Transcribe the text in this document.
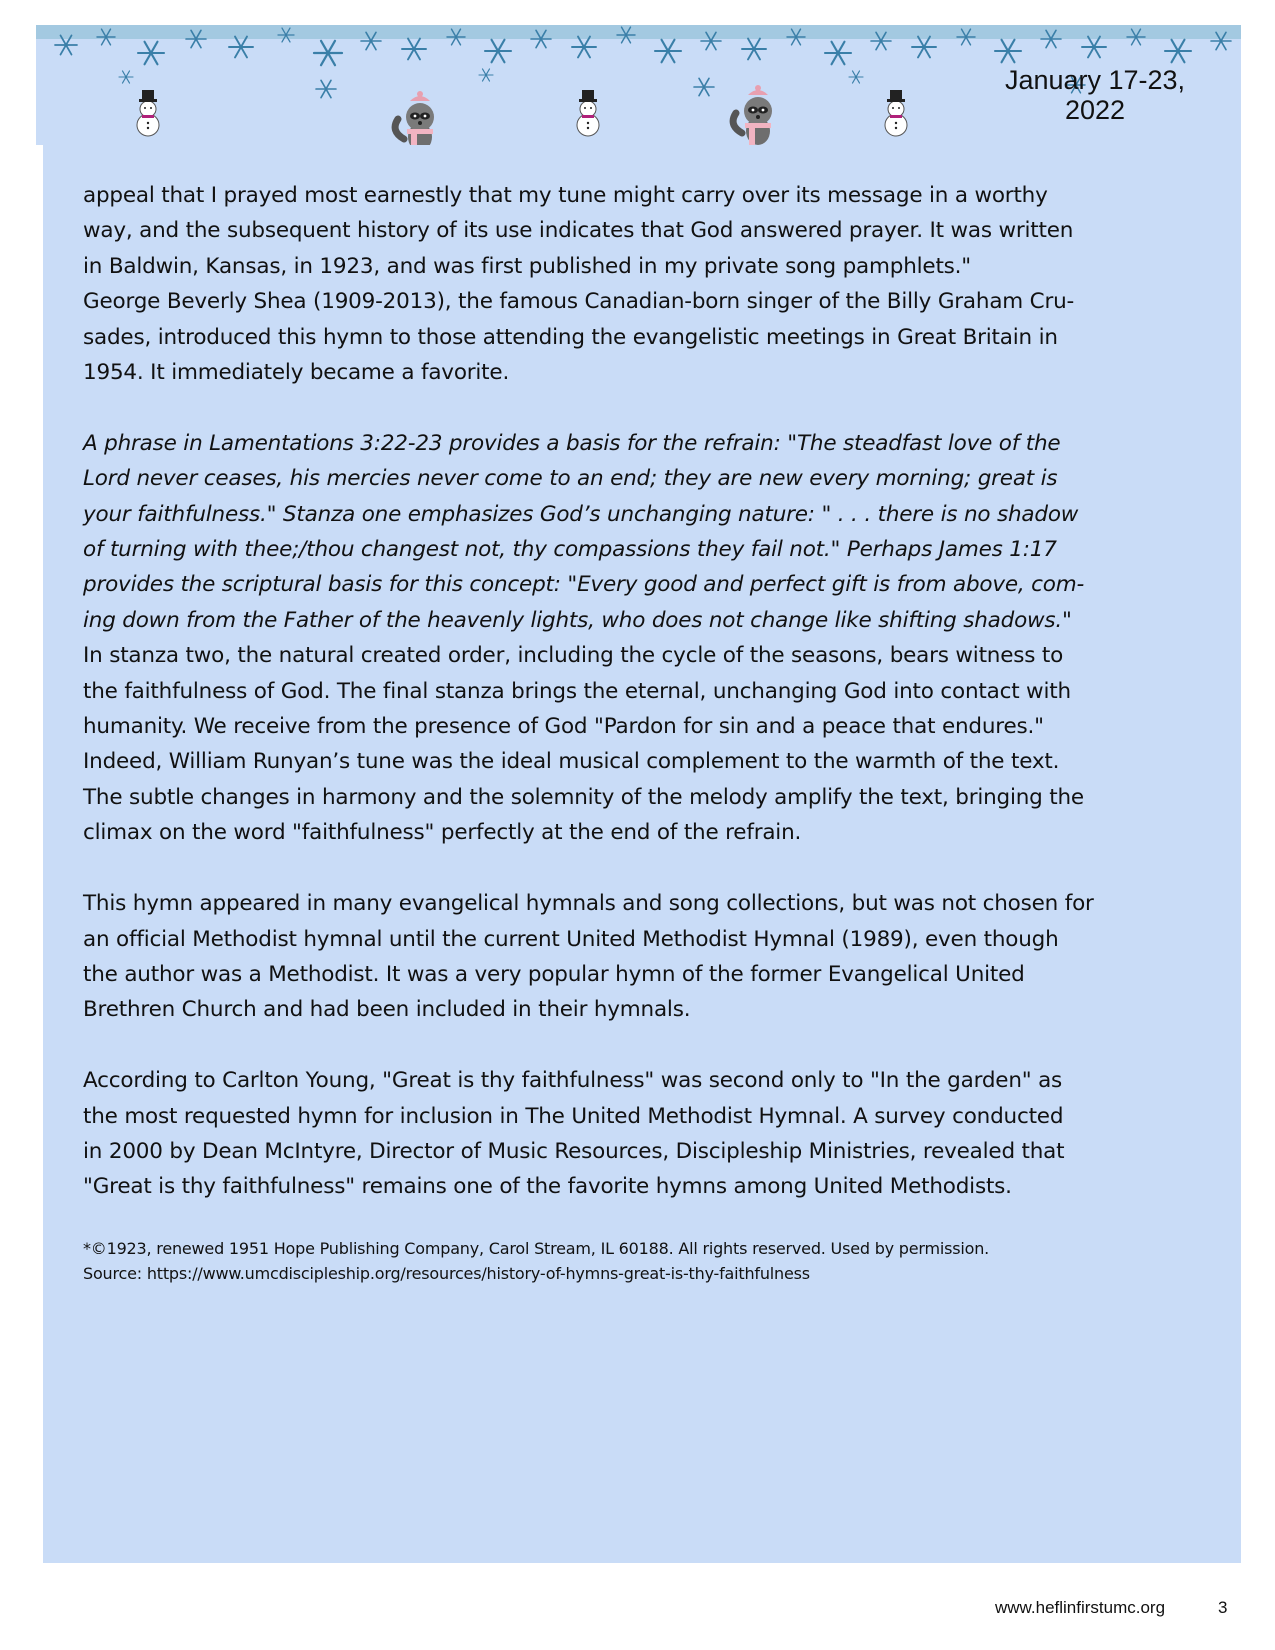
January 17-23,
2022

appeal that I prayed most earnestly that my tune might carry over its message in a worthy
way, and the subsequent history of its use indicates that God answered prayer. It was written
in Baldwin, Kansas, in 1923, and was first published in my private song pamphlets."
George Beverly Shea (1909-2013), the famous Canadian-born singer of the Billy Graham Cru-
sades, introduced this hymn to those attending the evangelistic meetings in Great Britain in
1954. It immediately became a favorite.

A phrase in Lamentations 3:22-23 provides a basis for the refrain: "The steadfast love of the
Lord never ceases, his mercies never come to an end; they are new every morning; great is
your faithfulness." Stanza one emphasizes God’s unchanging nature: " . . . there is no shadow
of turning with thee;/thou changest not, thy compassions they fail not." Perhaps James 1:17
provides the scriptural basis for this concept: "Every good and perfect gift is from above, com-
ing down from the Father of the heavenly lights, who does not change like shifting shadows."
In stanza two, the natural created order, including the cycle of the seasons, bears witness to
the faithfulness of God. The final stanza brings the eternal, unchanging God into contact with
humanity. We receive from the presence of God "Pardon for sin and a peace that endures."
Indeed, William Runyan’s tune was the ideal musical complement to the warmth of the text.
The subtle changes in harmony and the solemnity of the melody amplify the text, bringing the
climax on the word "faithfulness" perfectly at the end of the refrain.

This hymn appeared in many evangelical hymnals and song collections, but was not chosen for
an official Methodist hymnal until the current United Methodist Hymnal (1989), even though
the author was a Methodist. It was a very popular hymn of the former Evangelical United
Brethren Church and had been included in their hymnals.

According to Carlton Young, "Great is thy faithfulness" was second only to "In the garden" as
the most requested hymn for inclusion in The United Methodist Hymnal. A survey conducted
in 2000 by Dean McIntyre, Director of Music Resources, Discipleship Ministries, revealed that
"Great is thy faithfulness" remains one of the favorite hymns among United Methodists.

*©1923, renewed 1951 Hope Publishing Company, Carol Stream, IL 60188. All rights reserved. Used by permission.

Source: https://www.umcdiscipleship.org/resources/history-of-hymns-great-is-thy-faithfulness

www.heflinfirstumc.org	3
